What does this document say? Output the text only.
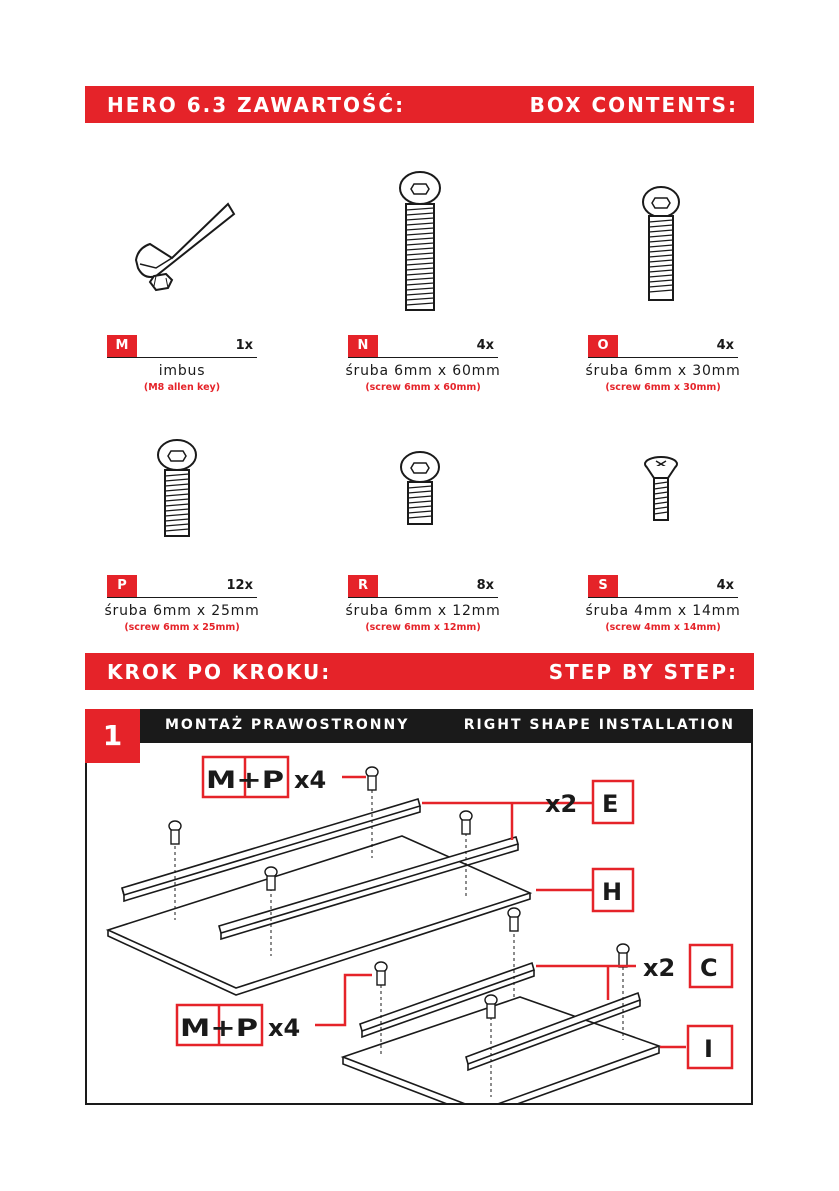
HERO 6.3 ZAWARTOŚĆ:	BOX CONTENTS:
M	1x
imbus
(M8 allen key)
N	4x
śruba 6mm x 60mm
(screw 6mm x 60mm)
O	4x
śruba 6mm x 30mm
(screw 6mm x 30mm)
P	12x
śruba 6mm x 25mm
(screw 6mm x 25mm)
R	8x
śruba 6mm x 12mm
(screw 6mm x 12mm)
S	4x
śruba 4mm x 14mm
(screw 4mm x 14mm)
KROK PO KROKU:	STEP BY STEP:
1	MONTAŻ PRAWOSTRONNY	RIGHT SHAPE INSTALLATION
M+P x4
x2 E
H
x2 C
M+P x4
I
